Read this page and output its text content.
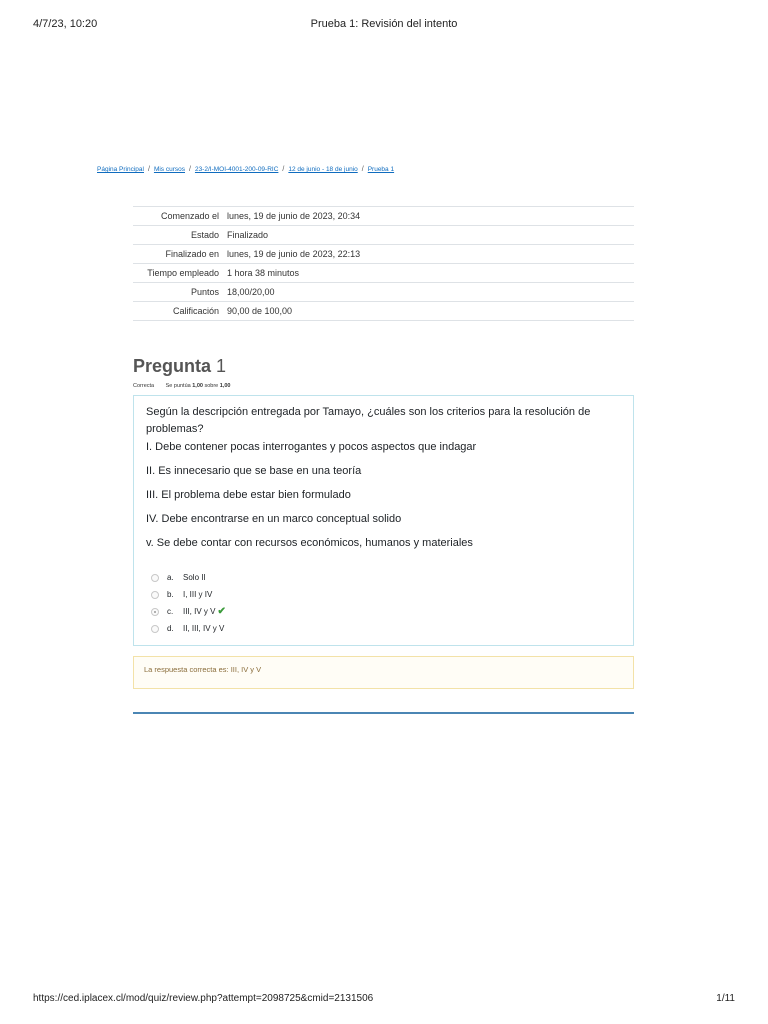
4/7/23, 10:20	Prueba 1: Revisión del intento
Página Principal / Mis cursos / 23-2/I-MOI-4001-200-09-RIC / 12 de junio - 18 de junio / Prueba 1
Comenzado el	lunes, 19 de junio de 2023, 20:34
Estado	Finalizado
Finalizado en	lunes, 19 de junio de 2023, 22:13
Tiempo empleado	1 hora 38 minutos
Puntos	18,00/20,00
Calificación	90,00 de 100,00
Pregunta 1
Correcta Se puntúa 1,00 sobre 1,00

Según la descripción entregada por Tamayo, ¿cuáles son los criterios para la resolución de problemas?

I. Debe contener pocas interrogantes y pocos aspectos que indagar

II. Es innecesario que se base en una teoría

III. El problema debe estar bien formulado

IV. Debe encontrarse en un marco conceptual solido

v. Se debe contar con recursos económicos, humanos y materiales

a.	Solo II
b.	I, III y IV
c.	III, IV y V ✔
d.	II, III, IV y V
La respuesta correcta es: III, IV y V
https://ced.iplacex.cl/mod/quiz/review.php?attempt=2098725&cmid=2131506	1/11
